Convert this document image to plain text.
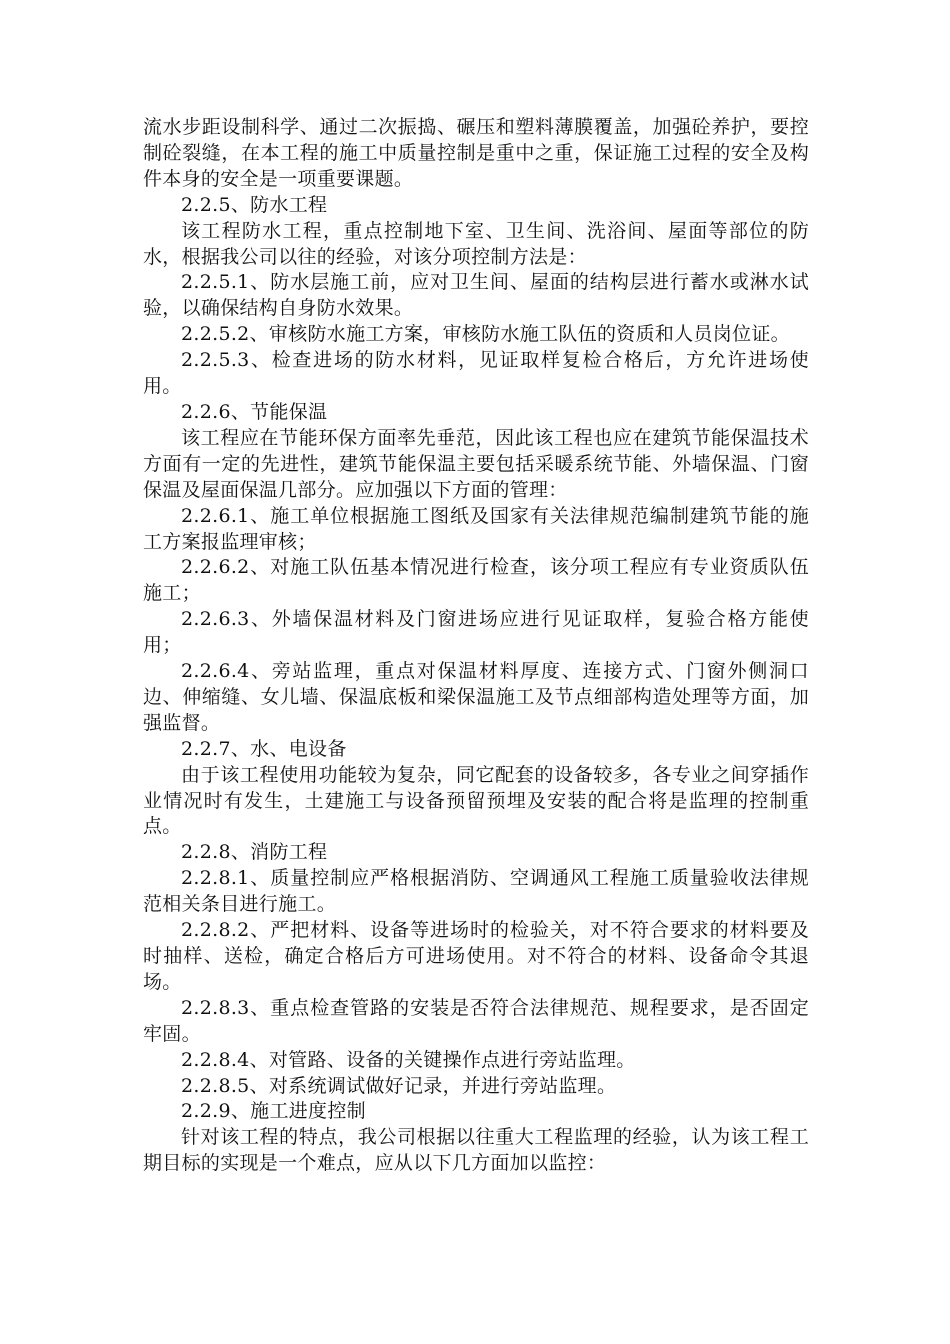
流水步距设制科学、通过二次振捣、碾压和塑料薄膜覆盖，加强砼养护，要控制砼裂缝，在本工程的施工中质量控制是重中之重，保证施工过程的安全及构件本身的安全是一项重要课题。

2.2.5、防水工程

该工程防水工程，重点控制地下室、卫生间、洗浴间、屋面等部位的防水，根据我公司以往的经验，对该分项控制方法是：

2.2.5.1、防水层施工前，应对卫生间、屋面的结构层进行蓄水或淋水试验，以确保结构自身防水效果。

2.2.5.2、审核防水施工方案，审核防水施工队伍的资质和人员岗位证。

2.2.5.3、检查进场的防水材料，见证取样复检合格后，方允许进场使用。

2.2.6、节能保温

该工程应在节能环保方面率先垂范，因此该工程也应在建筑节能保温技术方面有一定的先进性，建筑节能保温主要包括采暖系统节能、外墙保温、门窗保温及屋面保温几部分。应加强以下方面的管理：

2.2.6.1、施工单位根据施工图纸及国家有关法律规范编制建筑节能的施工方案报监理审核；

2.2.6.2、对施工队伍基本情况进行检查，该分项工程应有专业资质队伍施工；

2.2.6.3、外墙保温材料及门窗进场应进行见证取样，复验合格方能使用；

2.2.6.4、旁站监理，重点对保温材料厚度、连接方式、门窗外侧洞口边、伸缩缝、女儿墙、保温底板和梁保温施工及节点细部构造处理等方面，加强监督。

2.2.7、水、电设备

由于该工程使用功能较为复杂，同它配套的设备较多，各专业之间穿插作业情况时有发生，土建施工与设备预留预埋及安装的配合将是监理的控制重点。

2.2.8、消防工程

2.2.8.1、质量控制应严格根据消防、空调通风工程施工质量验收法律规范相关条目进行施工。

2.2.8.2、严把材料、设备等进场时的检验关，对不符合要求的材料要及时抽样、送检，确定合格后方可进场使用。对不符合的材料、设备命令其退场。

2.2.8.3、重点检查管路的安装是否符合法律规范、规程要求，是否固定牢固。

2.2.8.4、对管路、设备的关键操作点进行旁站监理。

2.2.8.5、对系统调试做好记录，并进行旁站监理。

2.2.9、施工进度控制

针对该工程的特点，我公司根据以往重大工程监理的经验，认为该工程工期目标的实现是一个难点，应从以下几方面加以监控：
